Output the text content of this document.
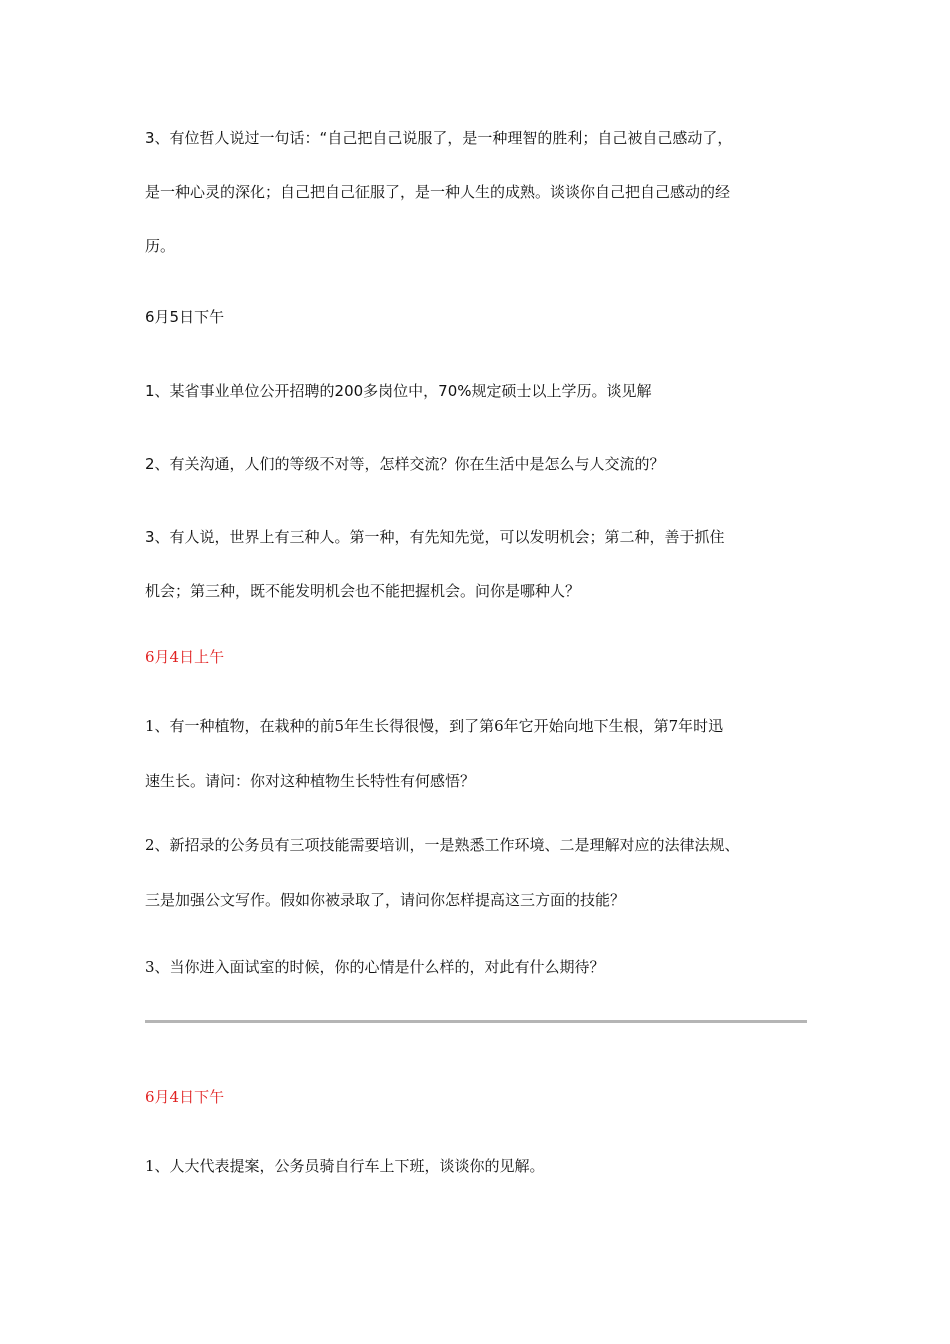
3、有位哲人说过一句话：“自己把自己说服了，是一种理智的胜利；自己被自己感动了，
是一种心灵的深化；自己把自己征服了，是一种人生的成熟。谈谈你自己把自己感动的经
历。
6月5日下午
1、某省事业单位公开招聘的200多岗位中，70%规定硕士以上学历。谈见解
2、有关沟通，人们的等级不对等，怎样交流？你在生活中是怎么与人交流的？
3、有人说，世界上有三种人。第一种，有先知先觉，可以发明机会；第二种，善于抓住
机会；第三种，既不能发明机会也不能把握机会。问你是哪种人？
6月4日上午
1、有一种植物，在栽种的前5年生长得很慢，到了第6年它开始向地下生根，第7年时迅
速生长。请问：你对这种植物生长特性有何感悟？
2、新招录的公务员有三项技能需要培训，一是熟悉工作环境、二是理解对应的法律法规、
三是加强公文写作。假如你被录取了，请问你怎样提高这三方面的技能？
3、当你进入面试室的时候，你的心情是什么样的，对此有什么期待？
6月4日下午
1、人大代表提案，公务员骑自行车上下班，谈谈你的见解。
